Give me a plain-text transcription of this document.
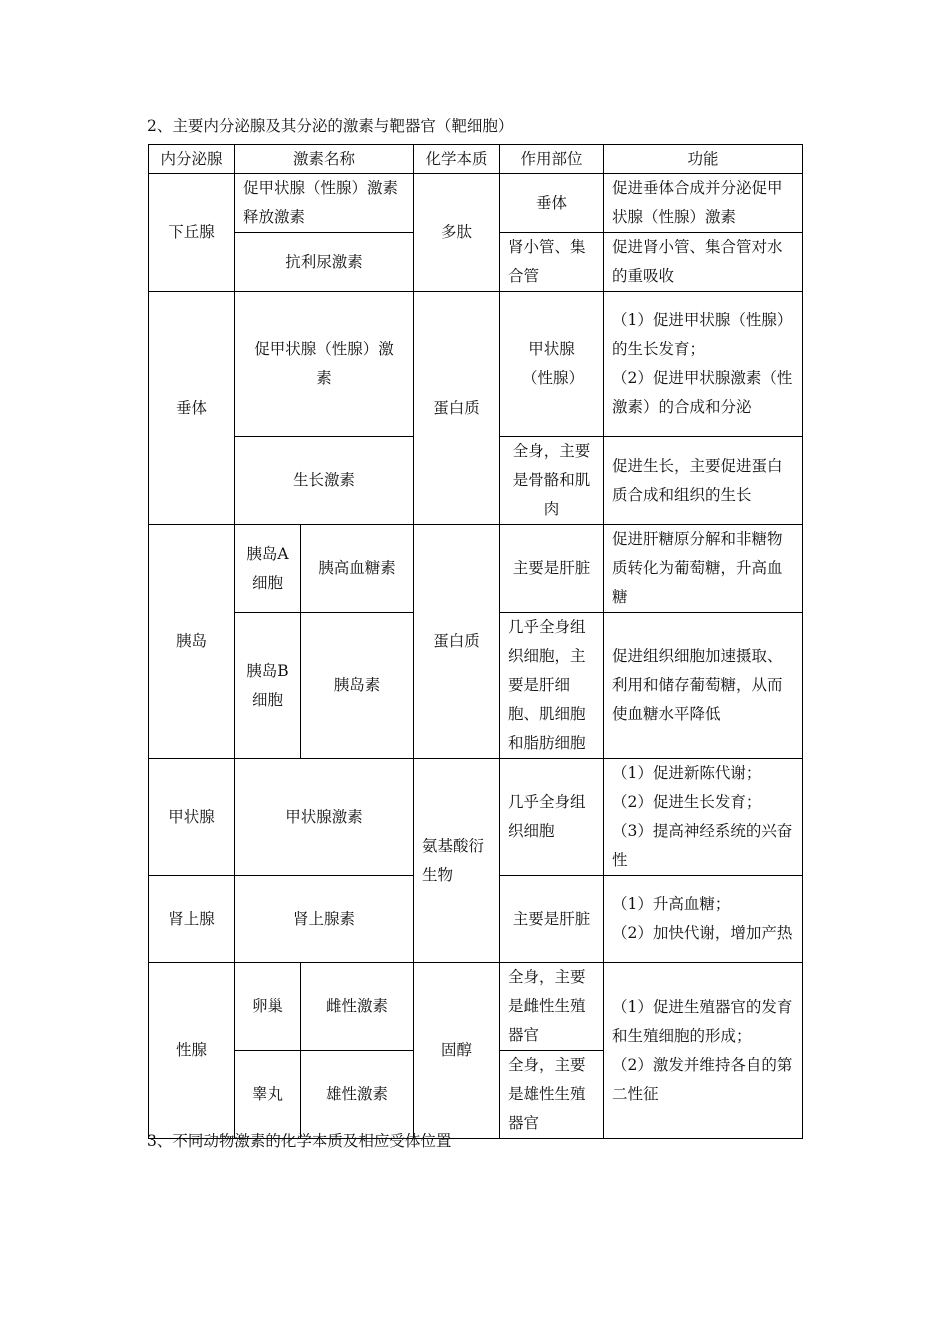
2、主要内分泌腺及其分泌的激素与靶器官（靶细胞）
内分泌腺	激素名称		化学本质	作用部位	功能
下丘腺	促甲状腺（性腺）激素释放激素		多肽	垂体	促进垂体合成并分泌促甲状腺（性腺）激素
	抗利尿激素			肾小管、集合管	促进肾小管、集合管对水的重吸收
垂体	促甲状腺（性腺）激素		蛋白质	甲状腺（性腺）	（1）促进甲状腺（性腺）的生长发育；
（2）促进甲状腺激素（性激素）的合成和分泌

	生长激素			全身，主要是骨骼和肌肉	促进生长，主要促进蛋白质合成和组织的生长
胰岛	胰岛A细胞	胰高血糖素	蛋白质	主要是肝脏	促进肝糖原分解和非糖物质转化为葡萄糖，升高血糖
	胰岛B细胞	胰岛素		几乎全身组织细胞，主要是肝细胞、肌细胞和脂肪细胞	促进组织细胞加速摄取、利用和储存葡萄糖，从而使血糖水平降低
甲状腺	甲状腺激素		氨基酸衍生物	几乎全身组织细胞	（1）促进新陈代谢；
（2）促进生长发育；
（3）提高神经系统的兴奋性

肾上腺	肾上腺素			主要是肝脏	（1）升高血糖；
（2）加快代谢，增加产热

性腺	卵巢	雌性激素	固醇	全身，主要是雌性生殖器官	（1）促进生殖器官的发育和生殖细胞的形成；
（2）激发并维持各自的第二性征

	睾丸	雄性激素		全身，主要是雄性生殖器官	
3、不同动物激素的化学本质及相应受体位置
